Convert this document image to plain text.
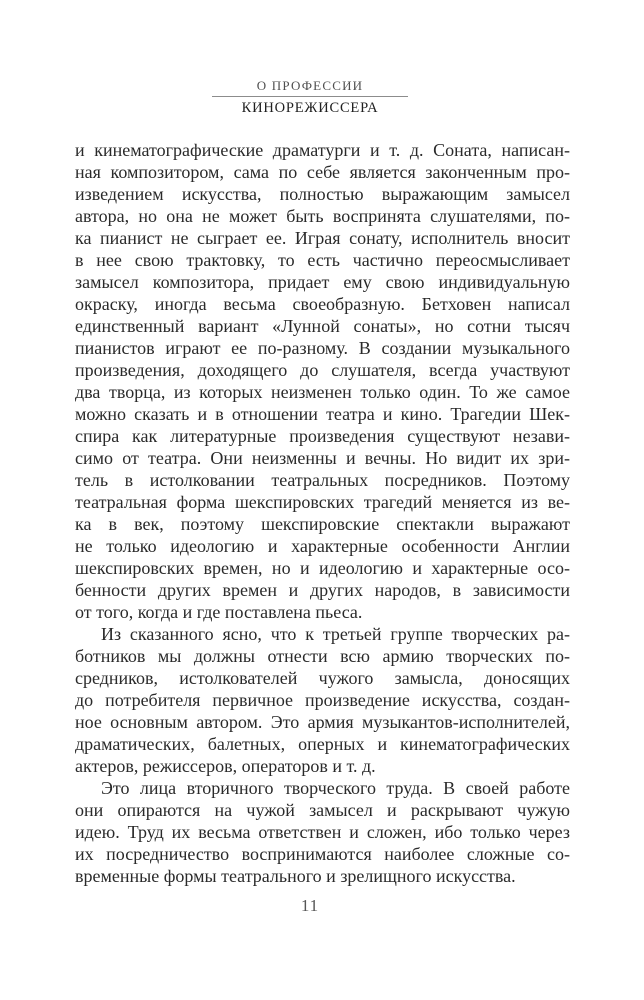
О ПРОФЕССИИ
КИНОРЕЖИССЕРА
и кинематографические драматурги и т. д. Соната, написан-
ная композитором, сама по себе является законченным про-
изведением искусства, полностью выражающим замысел
автора, но она не может быть воспринята слушателями, по-
ка пианист не сыграет ее. Играя сонату, исполнитель вносит
в нее свою трактовку, то есть частично переосмысливает
замысел композитора, придает ему свою индивидуальную
окраску, иногда весьма своеобразную. Бетховен написал
единственный вариант «Лунной сонаты», но сотни тысяч
пианистов играют ее по-разному. В создании музыкального
произведения, доходящего до слушателя, всегда участвуют
два творца, из которых неизменен только один. То же самое
можно сказать и в отношении театра и кино. Трагедии Шек-
спира как литературные произведения существуют незави-
симо от театра. Они неизменны и вечны. Но видит их зри-
тель в истолковании театральных посредников. Поэтому
театральная форма шекспировских трагедий меняется из ве-
ка в век, поэтому шекспировские спектакли выражают
не только идеологию и характерные особенности Англии
шекспировских времен, но и идеологию и характерные осо-
бенности других времен и других народов, в зависимости
от того, когда и где поставлена пьеса.
Из сказанного ясно, что к третьей группе творческих ра-
ботников мы должны отнести всю армию творческих по-
средников, истолкователей чужого замысла, доносящих
до потребителя первичное произведение искусства, создан-
ное основным автором. Это армия музыкантов-исполнителей,
драматических, балетных, оперных и кинематографических
актеров, режиссеров, операторов и т. д.
Это лица вторичного творческого труда. В своей работе
они опираются на чужой замысел и раскрывают чужую
идею. Труд их весьма ответствен и сложен, ибо только через
их посредничество воспринимаются наиболее сложные со-
временные формы театрального и зрелищного искусства.
11
